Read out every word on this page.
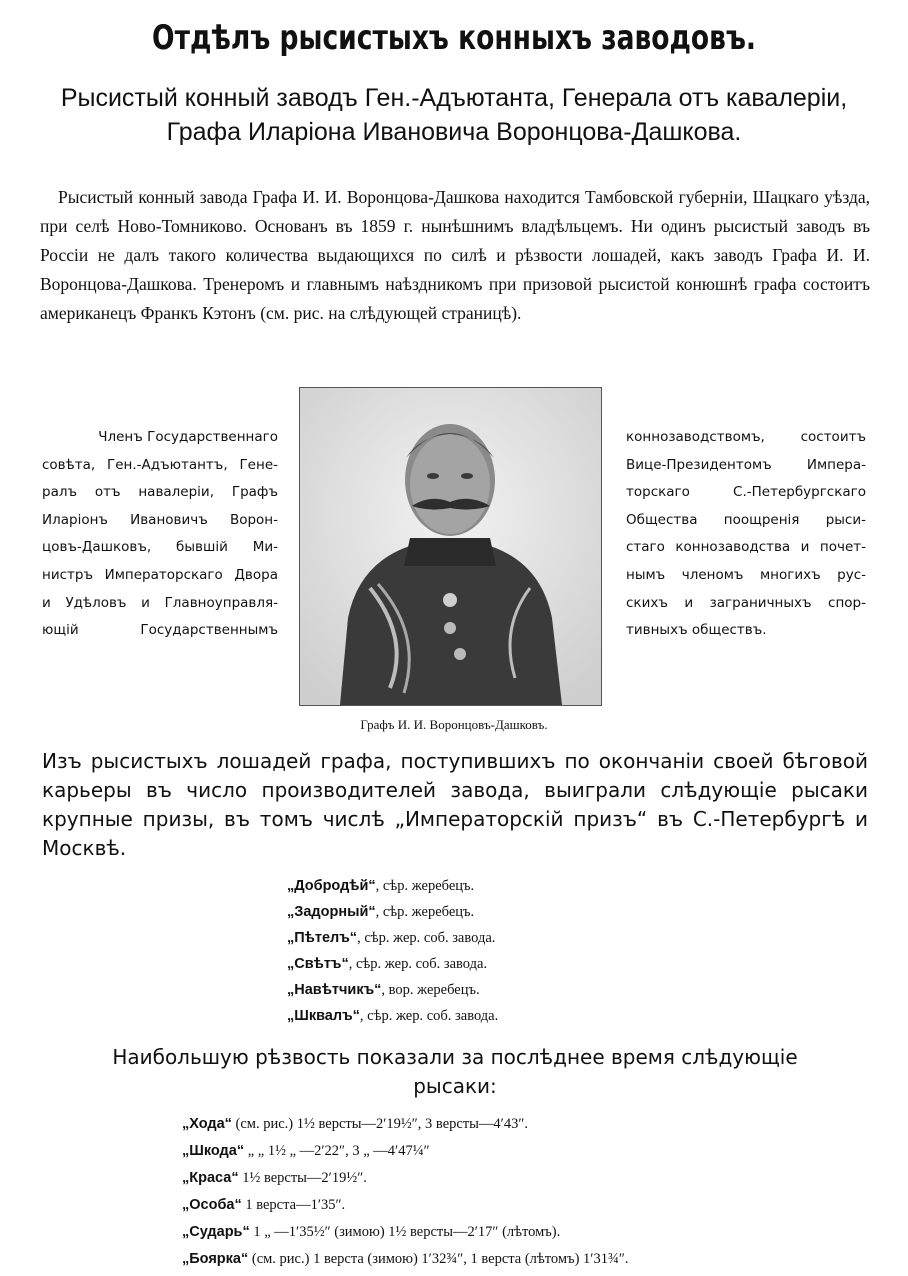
Отдѣлъ рысистыхъ конныхъ заводовъ.
Рысистый конный заводъ Ген.-Адъютанта, Генерала отъ кавалеріи,
Графа Иларіона Ивановича Воронцова-Дашкова.
Рысистый конный завода Графа И. И. Воронцова-Дашкова находится Тамбовской губерніи, Шацкаго уѣзда, при селѣ Ново-Томниково. Основанъ въ 1859 г. нынѣшнимъ владѣльцемъ. Ни одинъ рысистый заводъ въ Россіи не далъ такого количества выдающихся по силѣ и рѣзвости лошадей, какъ заводъ Графа И. И. Воронцова-Дашкова. Тренеромъ и главнымъ наѣздникомъ при призовой рысистой конюшнѣ графа состоитъ американецъ Франкъ Кэтонъ (см. рис. на слѣдующей страницѣ).
Членъ Государственнаго
совѣта, Ген.-Адъютантъ, Гене-
ралъ отъ навалеріи, Графъ
Иларіонъ Ивановичъ Ворон-
цовъ-Дашковъ, бывшій Ми-
нистръ Императорскаго Двора
и Удѣловъ и Главноуправля-
ющій Государственнымъ
коннозаводствомъ, состоитъ
Вице-Президентомъ Импера-
торскаго С.-Петербургскаго
Общества поощренія рыси-
стаго коннозаводства и почет-
нымъ членомъ многихъ рус-
скихъ и заграничныхъ спор-
тивныхъ обществъ.
Графъ И. И. Воронцовъ-Дашковъ.
Изъ рысистыхъ лошадей графа, поступившихъ по окончаніи своей бѣговой карьеры въ число производителей завода, выиграли слѣдующіе рысаки крупные призы, въ томъ числѣ „Императорскій призъ“ въ С.-Петербургѣ и Москвѣ.
„Добродѣй“, сѣр. жеребецъ.
„Задорный“, сѣр. жеребецъ.
„Пѣтелъ“, сѣр. жер. соб. завода.
„Свѣтъ“, сѣр. жер. соб. завода.
„Навѣтчикъ“, вор. жеребецъ.
„Шквалъ“, сѣр. жер. соб. завода.
Наибольшую рѣзвость показали за послѣднее время слѣдующіе
рысаки:
„Хода“ (см. рис.) 1½ версты—2′19½″, 3 версты—4′43″.
„Шкода“ „ „ 1½ „ —2′22″, 3 „ —4′47¼″
„Краса“ 1½ версты—2′19½″.
„Особа“ 1 верста—1′35″.
„Сударь“ 1 „ —1′35½″ (зимою) 1½ версты—2′17″ (лѣтомъ).
„Боярка“ (см. рис.) 1 верста (зимою) 1′32¾″, 1 верста (лѣтомъ) 1′31¾″.
